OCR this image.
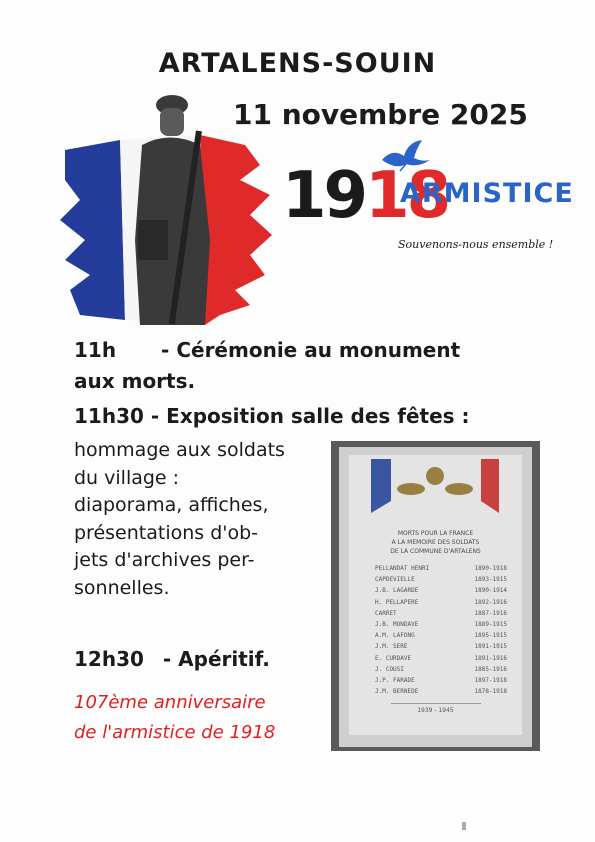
ARTALENS-SOUIN
11 novembre 2025
1918
ARMISTICE
Souvenons-nous ensemble !
11h - Cérémonie au monument
aux morts.
11h30 - Exposition salle des fêtes :
hommage aux soldats
du village :
diaporama, affiches,
présentations d'ob-
jets d'archives per-
sonnelles.
12h30 - Apéritif.
107ème anniversaire
de l'armistice de 1918
MORTS POUR LA FRANCE
A LA MEMOIRE DES SOLDATS
DE LA COMMUNE D'ARTALENS
PELLANDAT HENRI	1890-1918
CAPDEVIELLE	1893-1915
J.B. LAGARDE	1890-1914
H. PELLAPERE	1892-1916
CARRET	1887-1916
J.B. MONDAVE	1889-1915
A.M. LAFONG	1895-1915
J.M. SERE	1891-1915
E. CURDAVE	1891-1916
J. COUSI	1885-1916
J.P. FARADE	1897-1918
J.M. BERNEDE	1878-1918
1939 - 1945
